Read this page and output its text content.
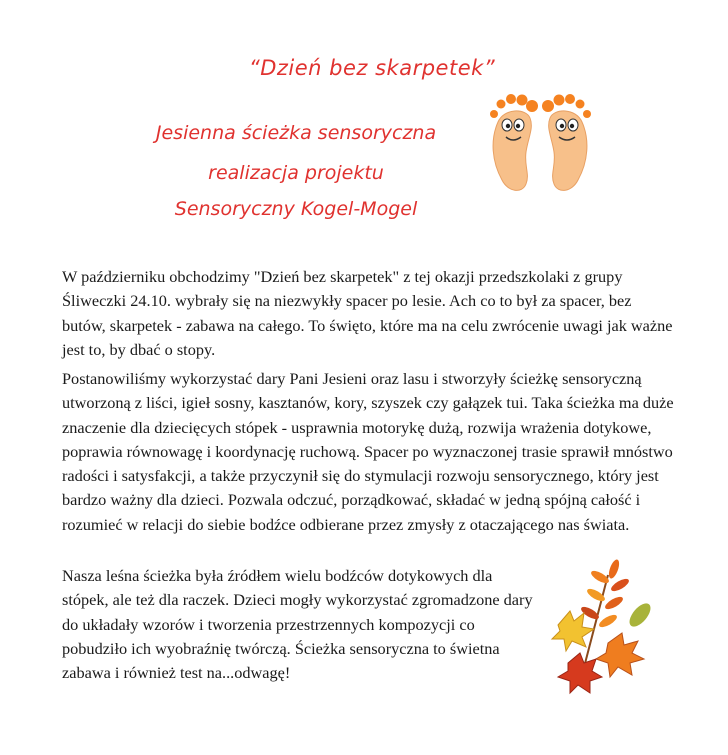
“Dzień bez skarpetek”
Jesienna ścieżka sensoryczna
realizacja projektu
Sensoryczny Kogel-Mogel

W październiku obchodzimy "Dzień bez skarpetek" z tej okazji przedszkolaki z grupy Śliweczki 24.10. wybrały się na niezwykły spacer po lesie. Ach co to był za spacer, bez butów, skarpetek - zabawa na całego. To święto, które ma na celu zwrócenie uwagi jak ważne jest to, by dbać o stopy.

Postanowiliśmy wykorzystać dary Pani Jesieni oraz lasu i stworzyły ścieżkę sensoryczną utworzoną z liści, igieł sosny, kasztanów, kory, szyszek czy gałązek tui. Taka ścieżka ma duże znaczenie dla dziecięcych stópek - usprawnia motorykę dużą, rozwija wrażenia dotykowe, poprawia równowagę i koordynację ruchową. Spacer po wyznaczonej trasie sprawił mnóstwo radości i satysfakcji, a także przyczynił się do stymulacji rozwoju sensorycznego, który jest bardzo ważny dla dzieci. Pozwala odczuć, porządkować, składać w jedną spójną całość i rozumieć w relacji do siebie bodźce odbierane przez zmysły z otaczającego nas świata.

Nasza leśna ścieżka była źródłem wielu bodźców dotykowych dla stópek, ale też dla raczek. Dzieci mogły wykorzystać zgromadzone dary do układały wzorów i tworzenia przestrzennych kompozycji co pobudziło ich wyobraźnię twórczą. Ścieżka sensoryczna to świetna zabawa i również test na...odwagę!
